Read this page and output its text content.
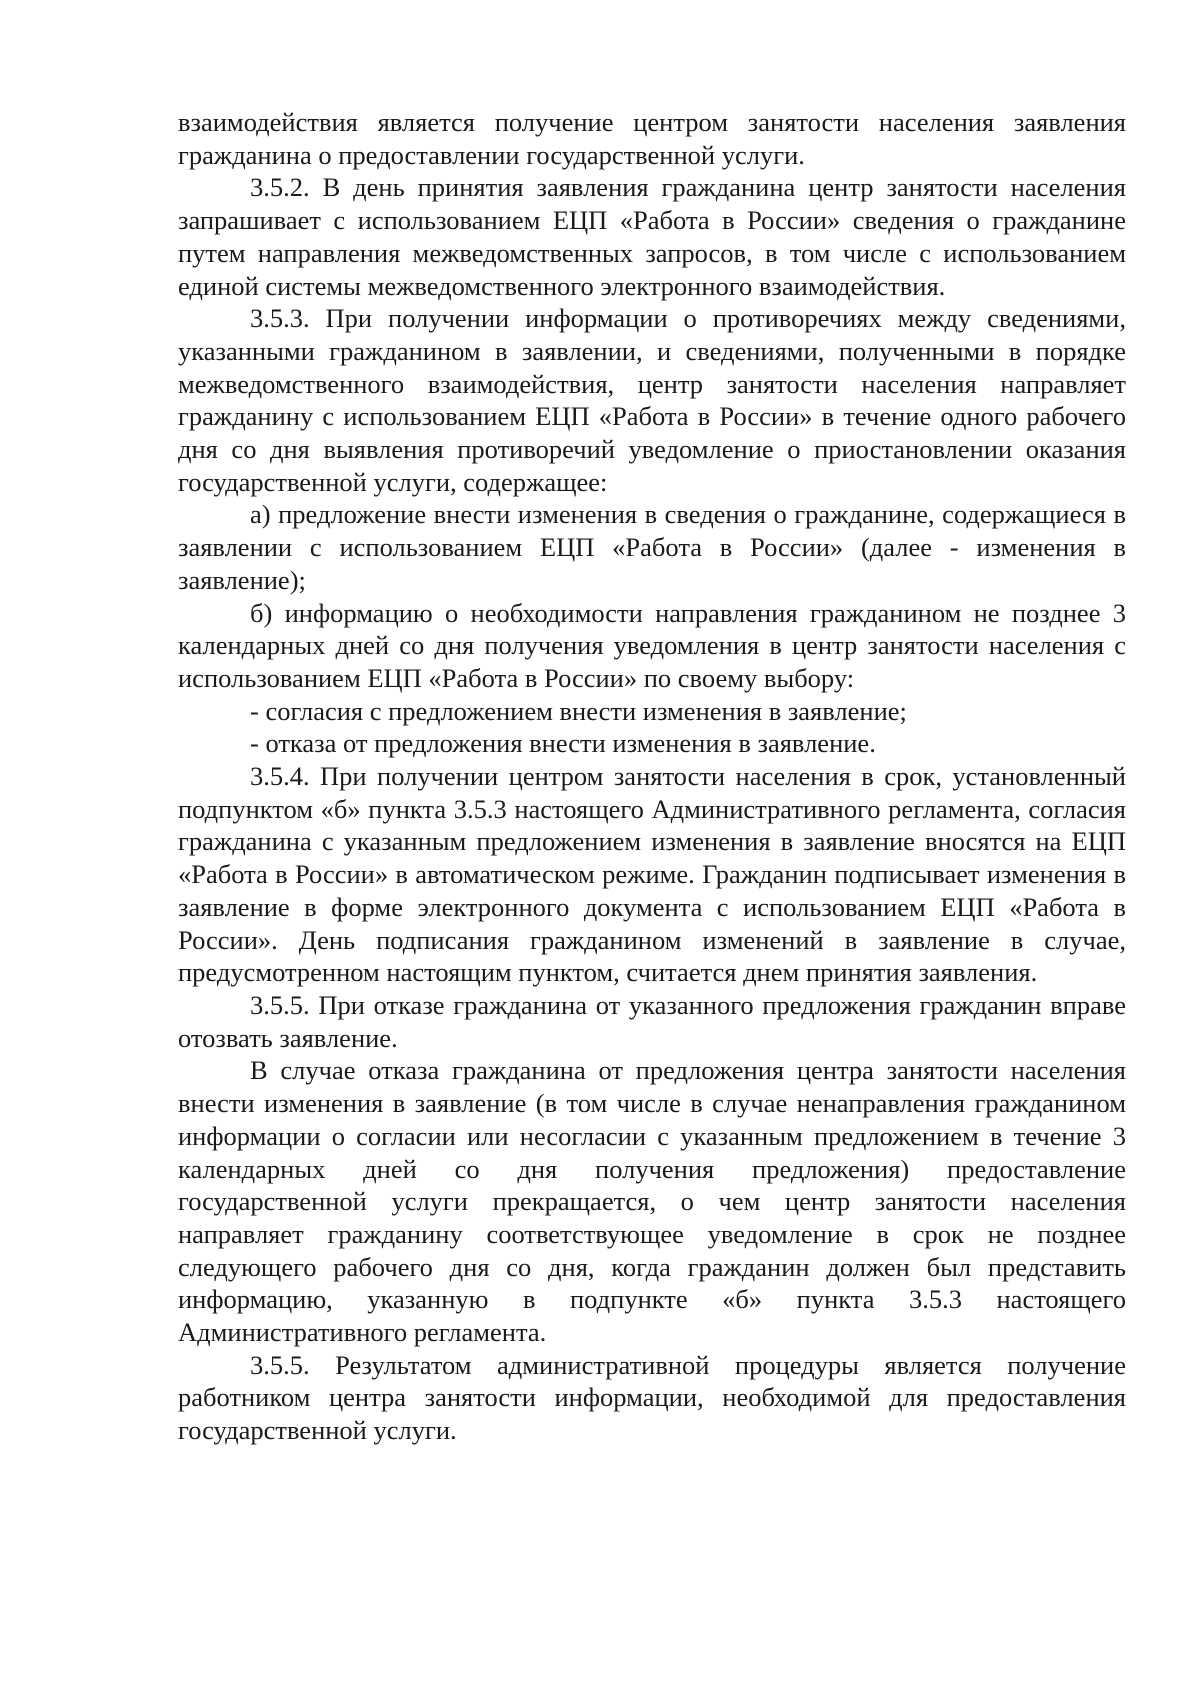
взаимодействия является получение центром занятости населения заявления гражданина о предоставлении государственной услуги.

3.5.2. В день принятия заявления гражданина центр занятости населения запрашивает с использованием ЕЦП «Работа в России» сведения о гражданине путем направления межведомственных запросов, в том числе с использованием единой системы межведомственного электронного взаимодействия.

3.5.3. При получении информации о противоречиях между сведениями, указанными гражданином в заявлении, и сведениями, полученными в порядке межведомственного взаимодействия, центр занятости населения направляет гражданину с использованием ЕЦП «Работа в России» в течение одного рабочего дня со дня выявления противоречий уведомление о приостановлении оказания государственной услуги, содержащее:

а) предложение внести изменения в сведения о гражданине, содержащиеся в заявлении с использованием ЕЦП «Работа в России» (далее - изменения в заявление);

б) информацию о необходимости направления гражданином не позднее 3 календарных дней со дня получения уведомления в центр занятости населения с использованием ЕЦП «Работа в России» по своему выбору:

- согласия с предложением внести изменения в заявление;

- отказа от предложения внести изменения в заявление.

3.5.4. При получении центром занятости населения в срок, установленный подпунктом «б» пункта 3.5.3 настоящего Административного регламента, согласия гражданина с указанным предложением изменения в заявление вносятся на ЕЦП «Работа в России» в автоматическом режиме. Гражданин подписывает изменения в заявление в форме электронного документа с использованием ЕЦП «Работа в России». День подписания гражданином изменений в заявление в случае, предусмотренном настоящим пунктом, считается днем принятия заявления.

3.5.5. При отказе гражданина от указанного предложения гражданин вправе отозвать заявление.

В случае отказа гражданина от предложения центра занятости населения внести изменения в заявление (в том числе в случае ненаправления гражданином информации о согласии или несогласии с указанным предложением в течение 3 календарных дней со дня получения предложения) предоставление государственной услуги прекращается, о чем центр занятости населения направляет гражданину соответствующее уведомление в срок не позднее следующего рабочего дня со дня, когда гражданин должен был представить информацию, указанную в подпункте «б» пункта 3.5.3 настоящего Административного регламента.

3.5.5. Результатом административной процедуры является получение работником центра занятости информации, необходимой для предоставления государственной услуги.
